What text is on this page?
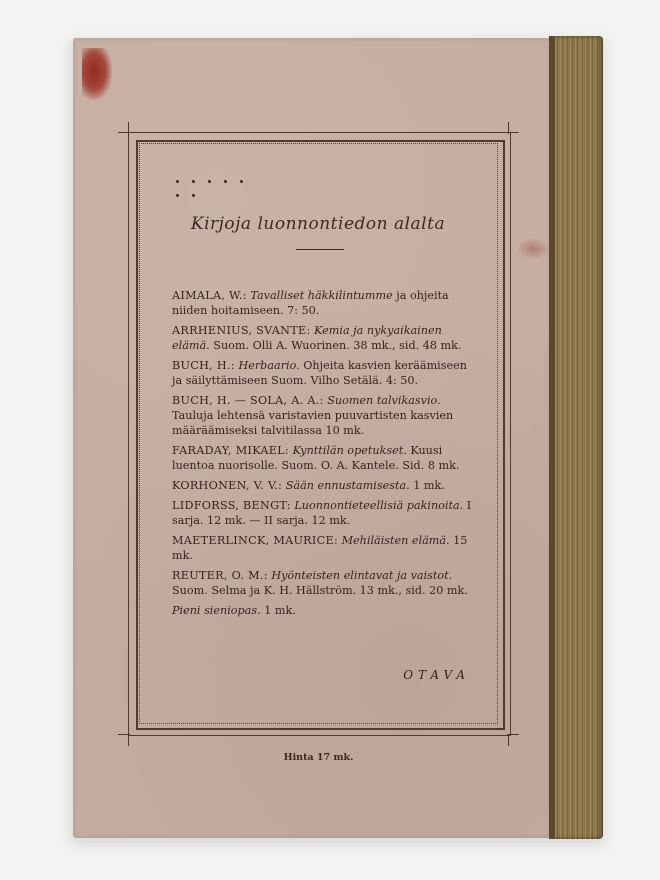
Kirjoja luonnontiedon alalta
AIMALA, W.: Tavalliset häkkilintumme ja ohjeita niiden hoitamiseen. 7: 50.
ARRHENIUS, SVANTE: Kemia ja nykyaikainen elämä. Suom. Olli A. Wuorinen. 38 mk., sid. 48 mk.
BUCH, H.: Herbaario. Ohjeita kasvien keräämiseen ja säilyttämiseen Suom. Vilho Setälä. 4: 50.
BUCH, H. — SOLA, A. A.: Suomen talvikasvio. Tauluja lehtensä varistavien puuvartisten kasvien määräämiseksi talvitilassa 10 mk.
FARADAY, MIKAEL: Kynttilän opetukset. Kuusi luentoa nuorisolle. Suom. O. A. Kantele. Sid. 8 mk.
KORHONEN, V. V.: Sään ennustamisesta. 1 mk.
LIDFORSS, BENGT: Luonnontieteellisiä pakinoita. I sarja. 12 mk. — II sarja. 12 mk.
MAETERLINCK, MAURICE: Mehiläisten elämä. 15 mk.
REUTER, O. M.: Hyönteisten elintavat ja vaistot. Suom. Selma ja K. H. Hällström. 13 mk., sid. 20 mk.
Pieni sieniopas. 1 mk.
OTAVA
Hinta 17 mk.
